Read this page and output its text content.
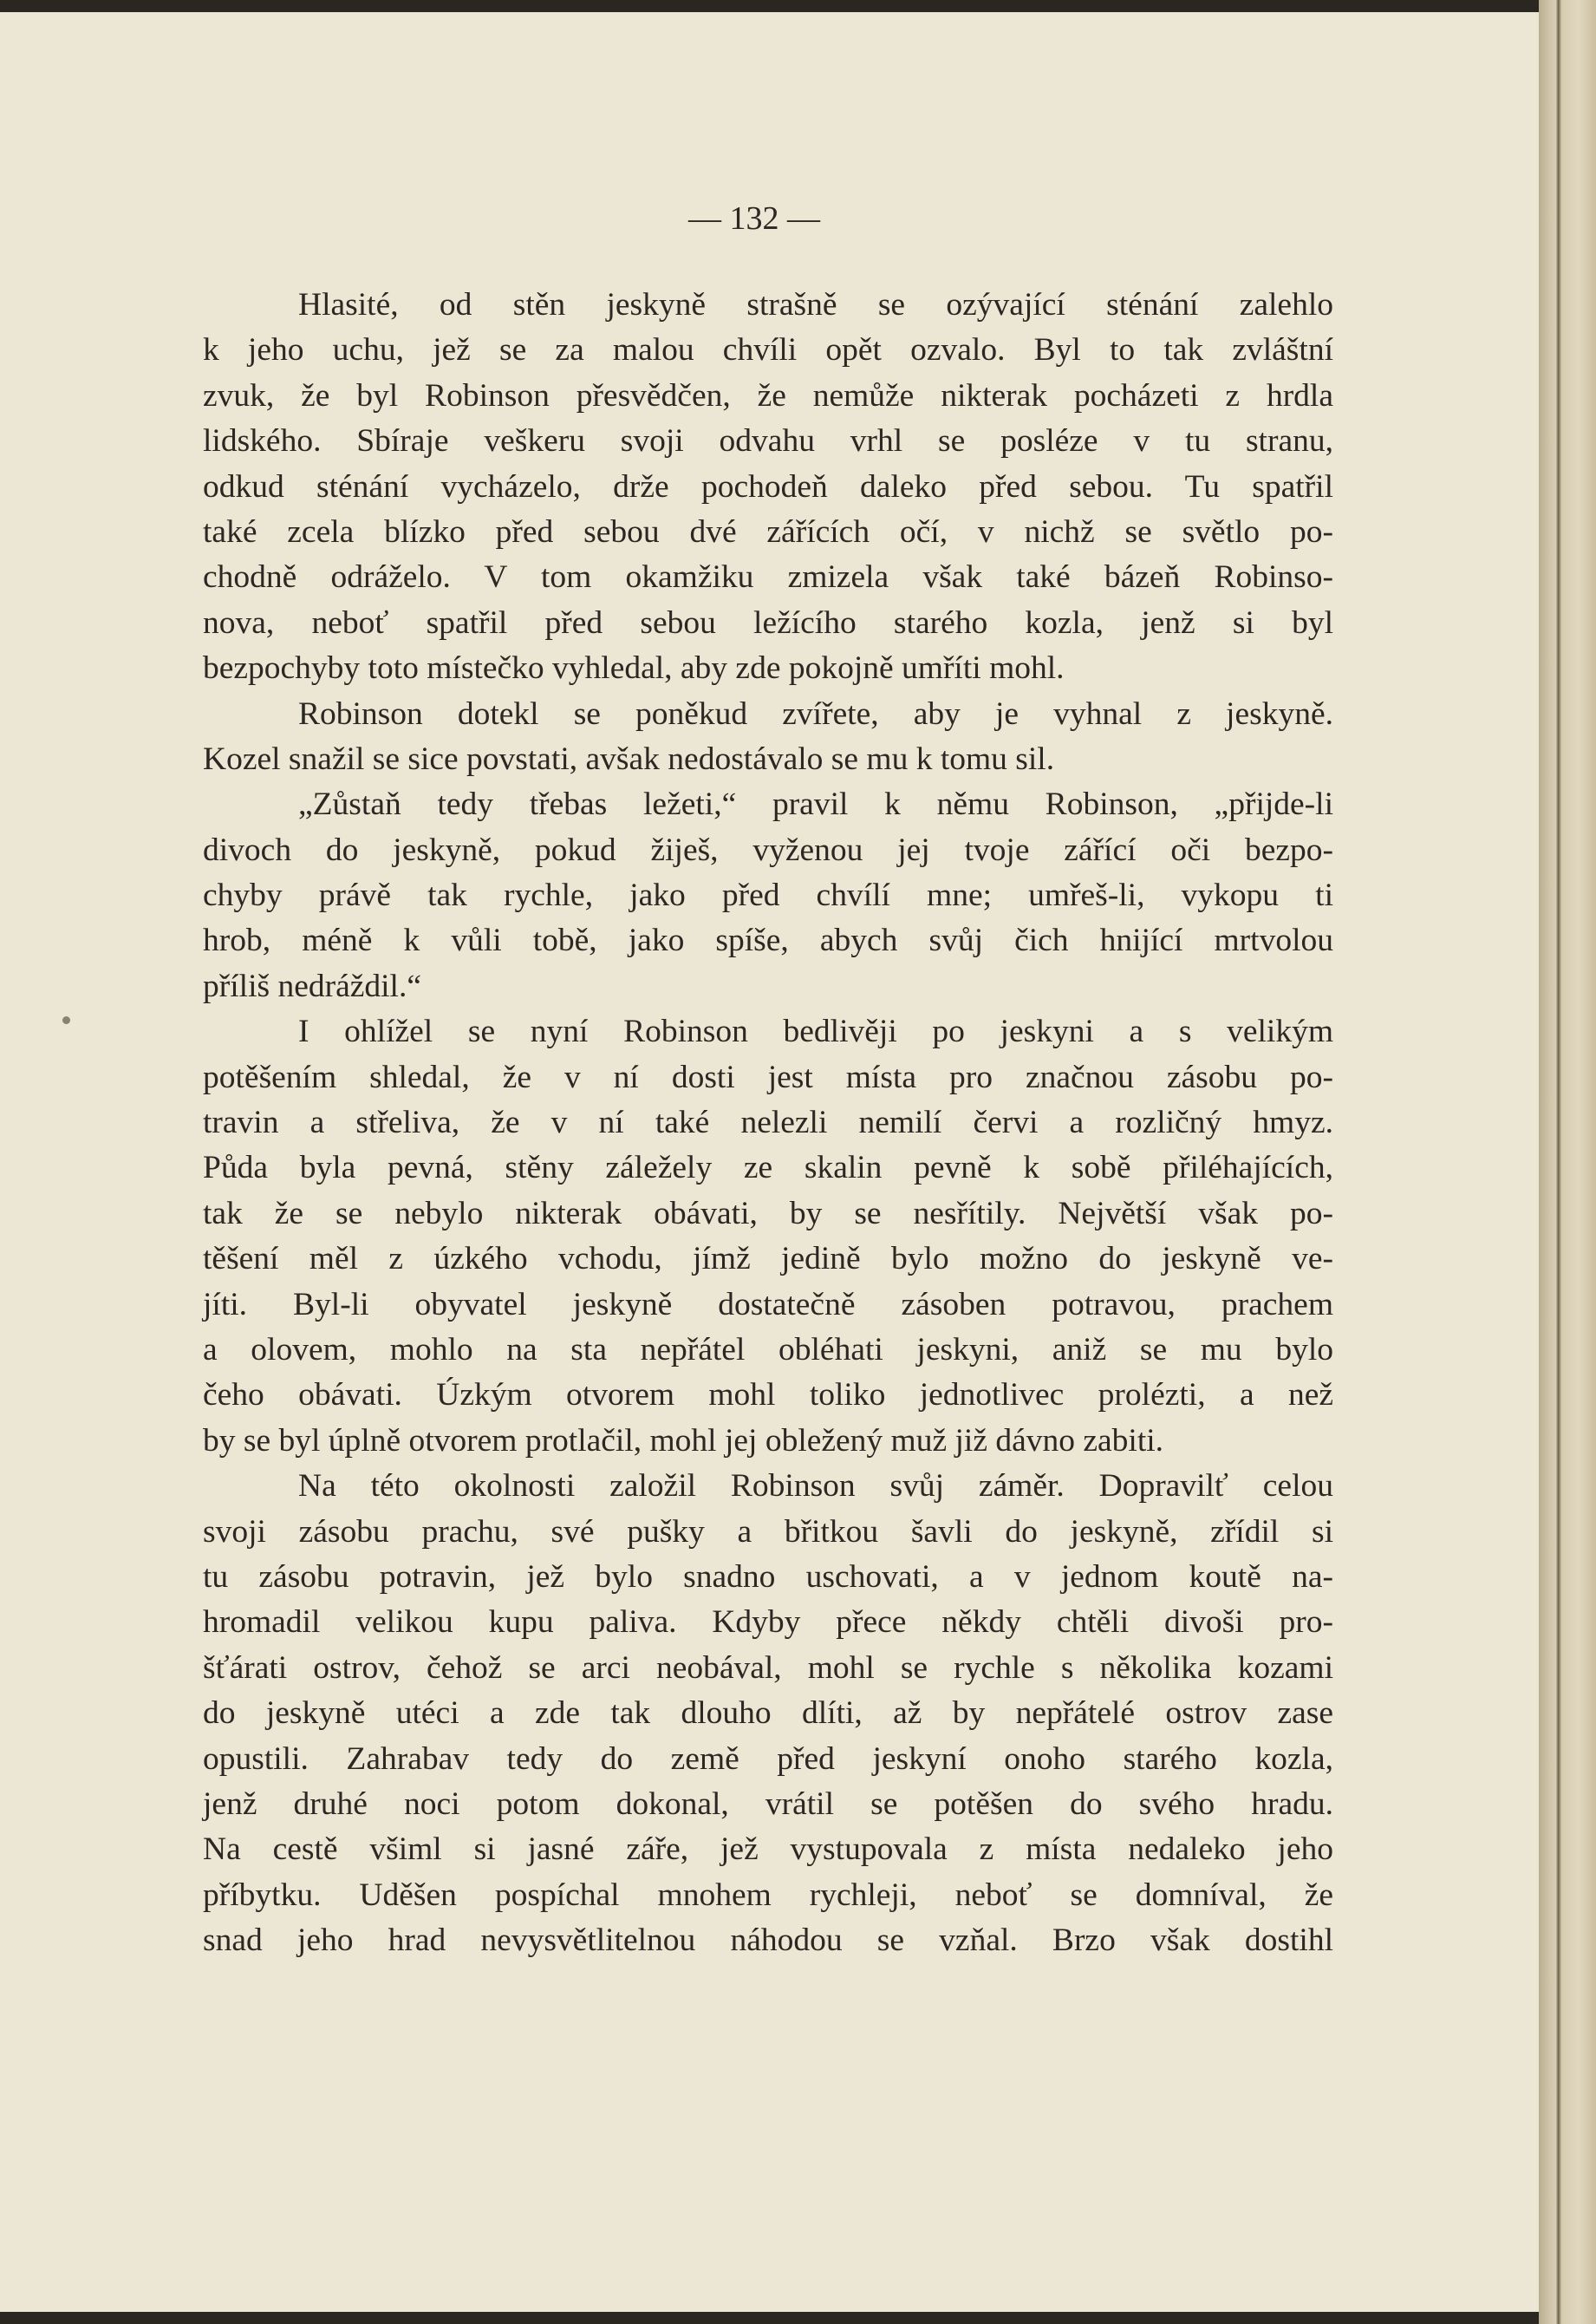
— 132 —
Hlasité, od stěn jeskyně strašně se ozývající sténání zalehlo
k jeho uchu, jež se za malou chvíli opět ozvalo. Byl to tak zvláštní
zvuk, že byl Robinson přesvědčen, že nemůže nikterak pocházeti z hrdla
lidského. Sbíraje veškeru svoji odvahu vrhl se posléze v tu stranu,
odkud sténání vycházelo, drže pochodeň daleko před sebou. Tu spatřil
také zcela blízko před sebou dvé zářících očí, v nichž se světlo po-
chodně odráželo. V tom okamžiku zmizela však také bázeň Robinso-
nova, neboť spatřil před sebou ležícího starého kozla, jenž si byl
bezpochyby toto místečko vyhledal, aby zde pokojně umříti mohl.
Robinson dotekl se poněkud zvířete, aby je vyhnal z jeskyně.
Kozel snažil se sice povstati, avšak nedostávalo se mu k tomu sil.
„Zůstaň tedy třebas ležeti,“ pravil k němu Robinson, „přijde-li
divoch do jeskyně, pokud žiješ, vyženou jej tvoje zářící oči bezpo-
chyby právě tak rychle, jako před chvílí mne; umřeš-li, vykopu ti
hrob, méně k vůli tobě, jako spíše, abych svůj čich hnijící mrtvolou
příliš nedráždil.“
I ohlížel se nyní Robinson bedlivěji po jeskyni a s velikým
potěšením shledal, že v ní dosti jest místa pro značnou zásobu po-
travin a střeliva, že v ní také nelezli nemilí červi a rozličný hmyz.
Půda byla pevná, stěny záležely ze skalin pevně k sobě přiléhajících,
tak že se nebylo nikterak obávati, by se nesřítily. Největší však po-
těšení měl z úzkého vchodu, jímž jedině bylo možno do jeskyně ve-
jíti. Byl-li obyvatel jeskyně dostatečně zásoben potravou, prachem
a olovem, mohlo na sta nepřátel obléhati jeskyni, aniž se mu bylo
čeho obávati. Úzkým otvorem mohl toliko jednotlivec prolézti, a než
by se byl úplně otvorem protlačil, mohl jej obležený muž již dávno zabiti.
Na této okolnosti založil Robinson svůj záměr. Dopravilť celou
svoji zásobu prachu, své pušky a břitkou šavli do jeskyně, zřídil si
tu zásobu potravin, jež bylo snadno uschovati, a v jednom koutě na-
hromadil velikou kupu paliva. Kdyby přece někdy chtěli divoši pro-
šťárati ostrov, čehož se arci neobával, mohl se rychle s několika kozami
do jeskyně utéci a zde tak dlouho dlíti, až by nepřátelé ostrov zase
opustili. Zahrabav tedy do země před jeskyní onoho starého kozla,
jenž druhé noci potom dokonal, vrátil se potěšen do svého hradu.
Na cestě všiml si jasné záře, jež vystupovala z místa nedaleko jeho
příbytku. Uděšen pospíchal mnohem rychleji, neboť se domníval, že
snad jeho hrad nevysvětlitelnou náhodou se vzňal. Brzo však dostihl
